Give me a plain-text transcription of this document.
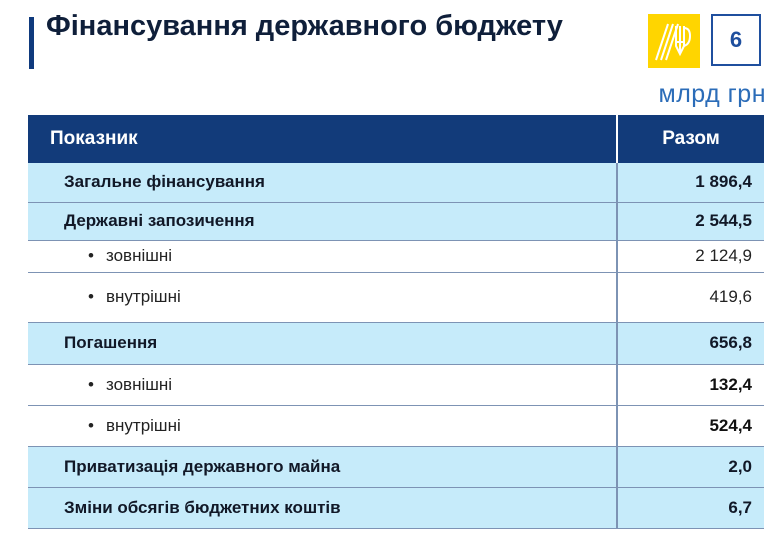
Фінансування державного бюджету	6
млрд грн
Показник	Разом
Загальне фінансування	1 896,4
Державні запозичення	2 544,5
• зовнішні	2 124,9
• внутрішні	419,6
Погашення	656,8
• зовнішні	132,4
• внутрішні	524,4
Приватизація державного майна	2,0
Зміни обсягів бюджетних коштів	6,7
